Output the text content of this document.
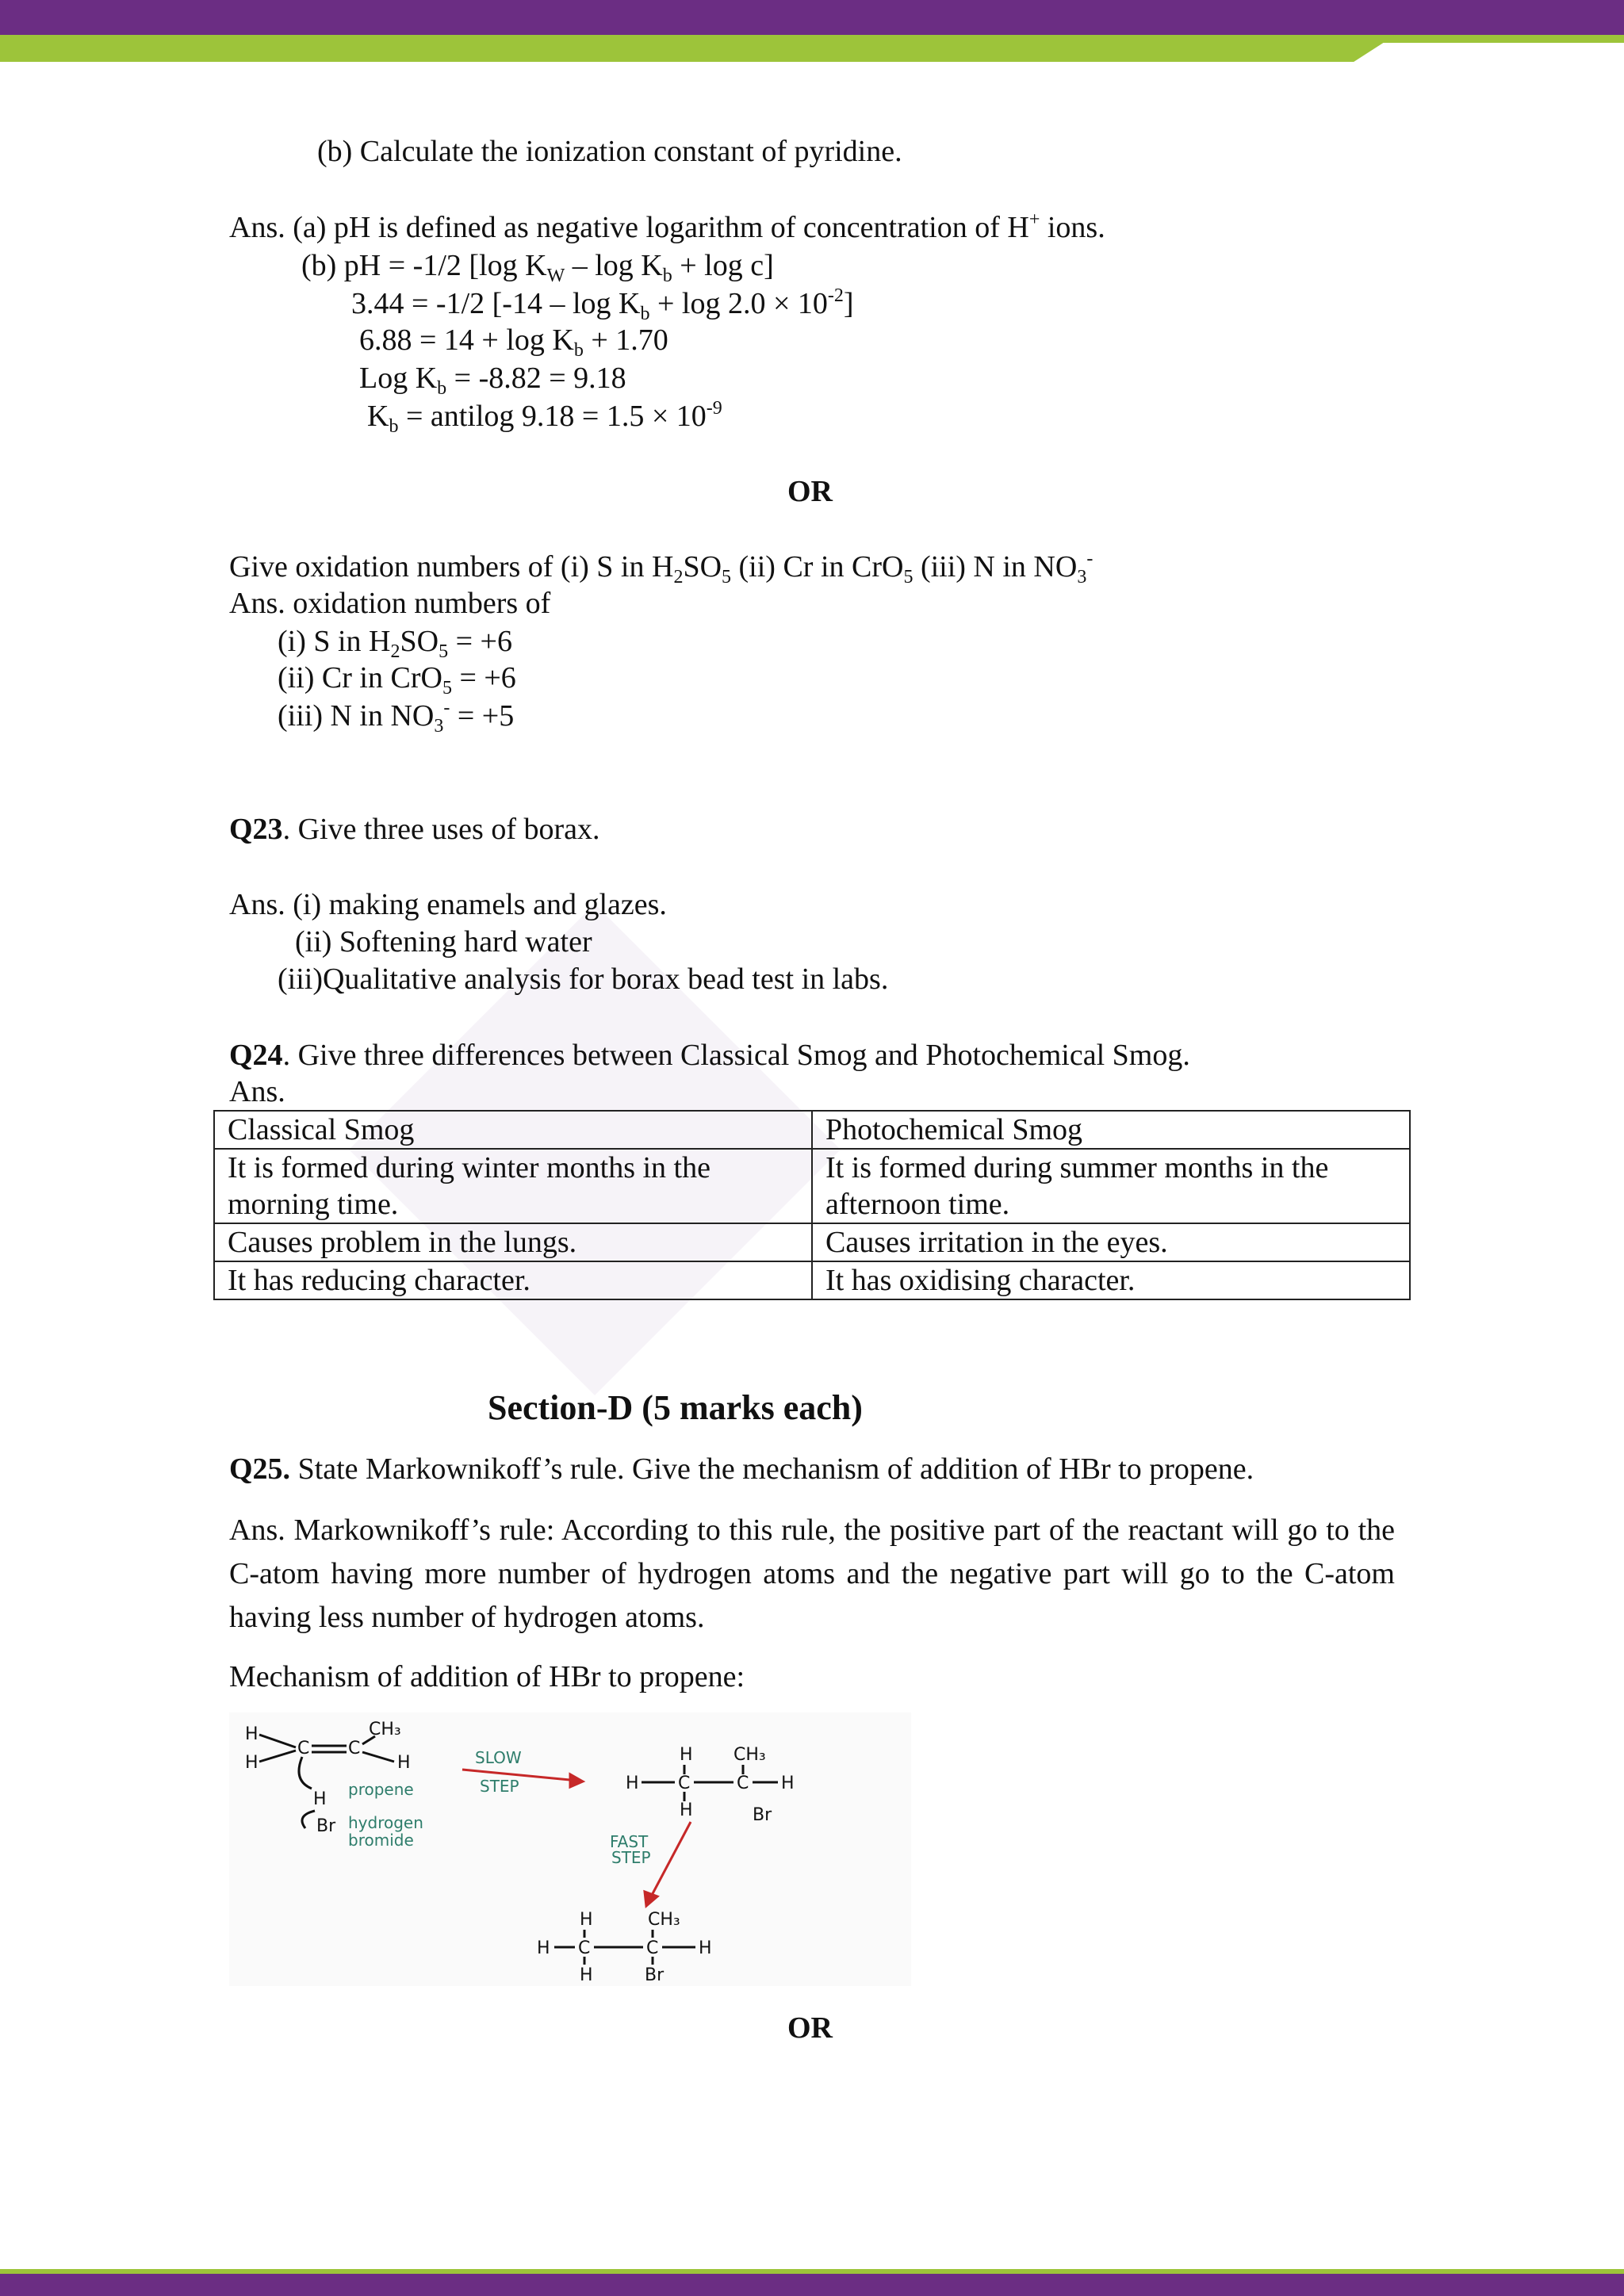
(b) Calculate the ionization constant of pyridine.
Ans. (a) pH is defined as negative logarithm of concentration of H+ ions.
(b) pH = -1/2 [log $K_W - \log K_b + \log c$]
3.44 = -1/2 $[-14 - \log K_b + \log 2.0 \times 10^{-2}]$
$6.88 = 14 + \log K_b + 1.70$
Log $K_b = -8.82 = 9.18$
$K_b$ = antilog $9.18 = 1.5 \times 10^{-9}$
OR
Give oxidation numbers of (i) S in $H_2SO_5$ (ii) Cr in CrO$_5$ (iii) N in $NO_3^-$
Ans. oxidation numbers of
(i) S in $H_2SO_5 = +6$
(ii) Cr in CrO$_5$ = +6
(iii) N in $NO_3^- = +5$
Q23. Give three uses of borax.
Ans. (i) making enamels and glazes.
(ii) Softening hard water
(iii)Qualitative analysis for borax bead test in labs.
Q24. Give three differences between Classical Smog and Photochemical Smog.
Ans.
Classical Smog	Photochemical Smog
It is formed during winter months in the morning time.	It is formed during summer months in the afternoon time.
Causes problem in the lungs.	Causes irritation in the eyes.
It has reducing character.	It has oxidising character.
Section-D (5 marks each)
Q25. State Markownikoff’s rule. Give the mechanism of addition of HBr to propene.
Ans. Markownikoff’s rule: According to this rule, the positive part of the reactant will go to the C-atom having more number of hydrogen atoms and the negative part will go to the C-atom having less number of hydrogen atoms.
Mechanism of addition of HBr to propene:
H
H
C C
CH₃
H
H
Br
H CH₃
H C	C H
H	Br
H	CH₃
H C	C H
H	Br
propene
hydrogen
bromide
SLOW
STEP
FAST
STEP
OR
